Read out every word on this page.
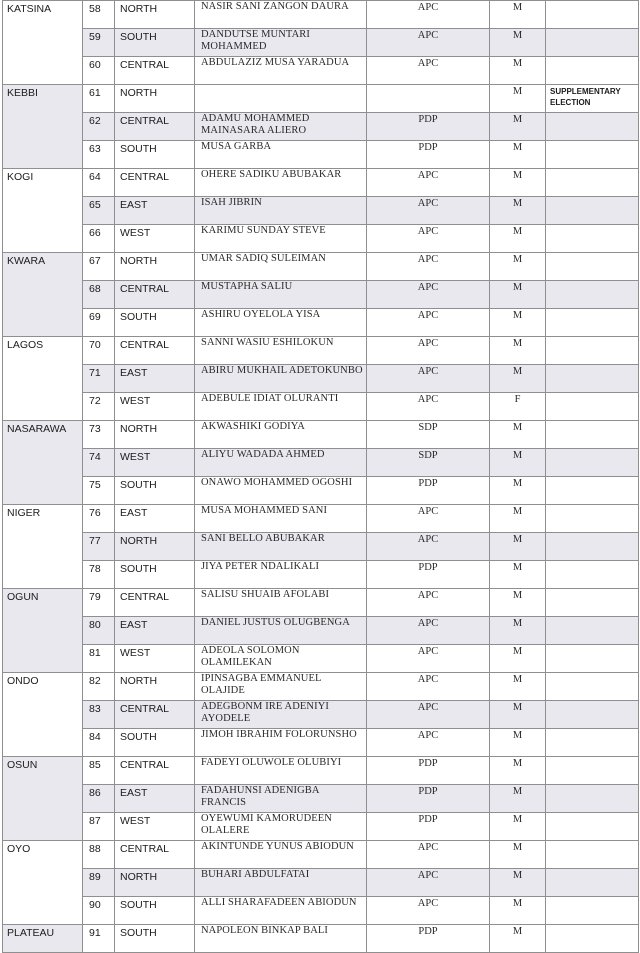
KATSINA	58	NORTH	NASIR SANI ZANGON DAURA	APC	M	
	59	SOUTH	DANDUTSE MUNTARI MOHAMMED	APC	M	
	60	CENTRAL	ABDULAZIZ MUSA YARADUA	APC	M	
KEBBI	61	NORTH			M	SUPPLEMENTARY ELECTION
	62	CENTRAL	ADAMU MOHAMMED MAINASARA ALIERO	PDP	M	
	63	SOUTH	MUSA GARBA	PDP	M	
KOGI	64	CENTRAL	OHERE SADIKU ABUBAKAR	APC	M	
	65	EAST	ISAH JIBRIN	APC	M	
	66	WEST	KARIMU SUNDAY STEVE	APC	M	
KWARA	67	NORTH	UMAR SADIQ SULEIMAN	APC	M	
	68	CENTRAL	MUSTAPHA SALIU	APC	M	
	69	SOUTH	ASHIRU OYELOLA YISA	APC	M	
LAGOS	70	CENTRAL	SANNI WASIU ESHILOKUN	APC	M	
	71	EAST	ABIRU MUKHAIL ADETOKUNBO	APC	M	
	72	WEST	ADEBULE IDIAT OLURANTI	APC	F	
NASARAWA	73	NORTH	AKWASHIKI GODIYA	SDP	M	
	74	WEST	ALIYU WADADA AHMED	SDP	M	
	75	SOUTH	ONAWO MOHAMMED OGOSHI	PDP	M	
NIGER	76	EAST	MUSA MOHAMMED SANI	APC	M	
	77	NORTH	SANI BELLO ABUBAKAR	APC	M	
	78	SOUTH	JIYA PETER NDALIKALI	PDP	M	
OGUN	79	CENTRAL	SALISU SHUAIB AFOLABI	APC	M	
	80	EAST	DANIEL JUSTUS OLUGBENGA	APC	M	
	81	WEST	ADEOLA SOLOMON OLAMILEKAN	APC	M	
ONDO	82	NORTH	IPINSAGBA EMMANUEL OLAJIDE	APC	M	
	83	CENTRAL	ADEGBONM IRE ADENIYI AYODELE	APC	M	
	84	SOUTH	JIMOH IBRAHIM FOLORUNSHO	APC	M	
OSUN	85	CENTRAL	FADEYI OLUWOLE OLUBIYI	PDP	M	
	86	EAST	FADAHUNSI ADENIGBA FRANCIS	PDP	M	
	87	WEST	OYEWUMI KAMORUDEEN OLALERE	PDP	M	
OYO	88	CENTRAL	AKINTUNDE YUNUS ABIODUN	APC	M	
	89	NORTH	BUHARI ABDULFATAI	APC	M	
	90	SOUTH	ALLI SHARAFADEEN ABIODUN	APC	M	
PLATEAU	91	SOUTH	NAPOLEON BINKAP BALI	PDP	M	
